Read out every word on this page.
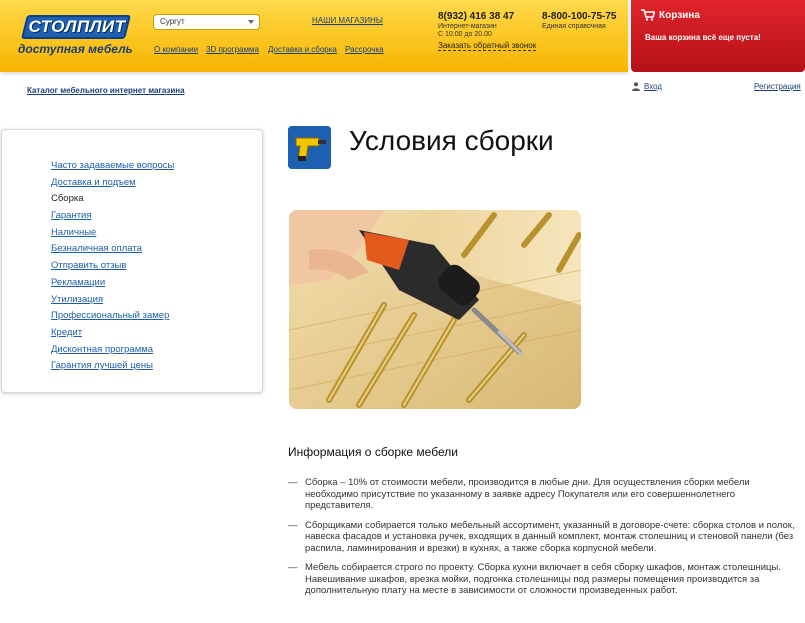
СТОЛПЛИТ
доступная мебель
Сургут	НАШИ МАГАЗИНЫ
О компании 3D программа Доставка и сборка Рассрочка
8(932) 416 38 47
Интернет-магазин
С 10.00 до 20.00
Заказать обратный звонок
8-800-100-75-75
Единая справочная
Корзина
Ваша корзина всё еще пуста!
Каталог мебельного интернет магазина	Вход	Регистрация
Часто задаваемые вопросы
Доставка и подъем
Сборка
Гарантия
Наличные
Безналичная оплата
Отправить отзыв
Рекламации
Утилизация
Профессиональный замер
Кредит
Дисконтная программа
Гарантия лучшей цены
Условия сборки
Информация о сборке мебели
— Сборка – 10% от стоимости мебели, производится в любые дни. Для осуществления сборки мебели необходимо присутствие по указанному в заявке адресу Покупателя или его совершеннолетнего представителя.
— Сборщиками собирается только мебельный ассортимент, указанный в договоре-счете: сборка столов и полок, навеска фасадов и установка ручек, входящих в данный комплект, монтаж столешниц и стеновой панели (без распила, ламинирования и врезки) в кухнях, а также сборка корпусной мебели.
— Мебель собирается строго по проекту. Сборка кухни включает в себя сборку шкафов, монтаж столешницы. Навешивание шкафов, врезка мойки, подгонка столешницы под размеры помещения производится за дополнительную плату на месте в зависимости от сложности произведенных работ.
